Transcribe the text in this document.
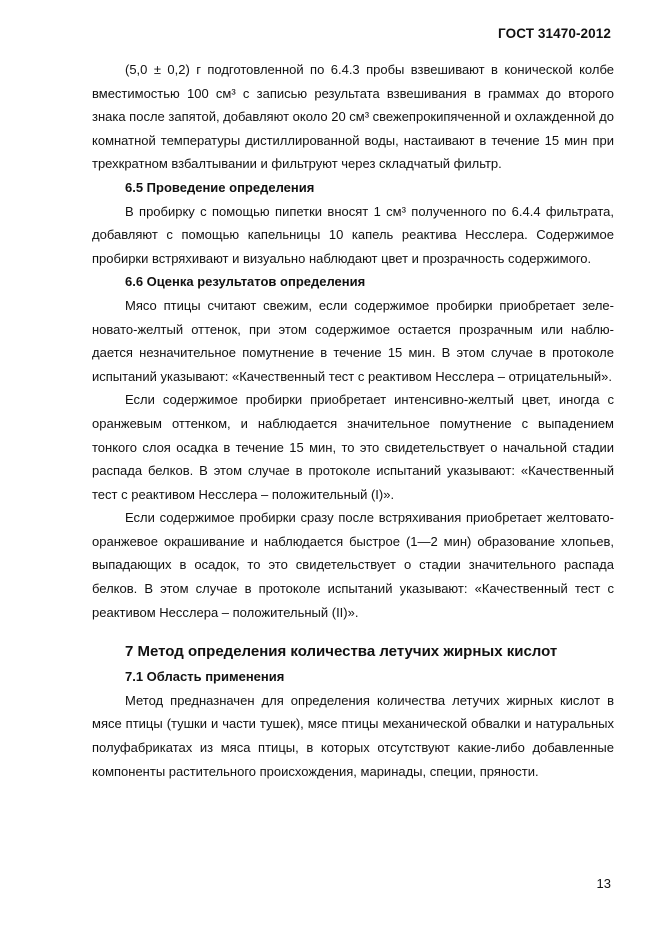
ГОСТ 31470-2012

(5,0 ± 0,2) г подготовленной по 6.4.3 пробы взвешивают в конической колбе вместимостью 100 см³ с записью результата взвешивания в граммах до второго знака после запятой, добавляют около 20 см³ свежепрокипяченной и охлажденной до комнатной температуры дистиллированной воды, настаивают в течение 15 мин при трехкратном взбалтывании и фильтруют через складчатый фильтр.

6.5 Проведение определения

В пробирку с помощью пипетки вносят 1 см³ полученного по 6.4.4 фильтрата, добавляют с помощью капельницы 10 капель реактива Несслера. Содержимое пробирки встряхивают и визуально наблюдают цвет и прозрачность содержимого.

6.6 Оценка результатов определения

Мясо птицы считают свежим, если содержимое пробирки приобретает зеленовато-желтый оттенок, при этом содержимое остается прозрачным или наблюдается незначительное помутнение в течение 15 мин. В этом случае в протоколе испытаний указывают: «Качественный тест с реактивом Несслера – отрицательный».

Если содержимое пробирки приобретает интенсивно-желтый цвет, иногда с оранжевым оттенком, и наблюдается значительное помутнение с выпадением тонкого слоя осадка в течение 15 мин, то это свидетельствует о начальной стадии распада белков. В этом случае в протоколе испытаний указывают: «Качественный тест с реактивом Несслера – положительный (I)».

Если содержимое пробирки сразу после встряхивания приобретает желтовато-оранжевое окрашивание и наблюдается быстрое (1—2 мин) образование хлопьев, выпадающих в осадок, то это свидетельствует о стадии значительного распада белков. В этом случае в протоколе испытаний указывают: «Качественный тест с реактивом Несслера – положительный (II)».

7 Метод определения количества летучих жирных кислот

7.1 Область применения

Метод предназначен для определения количества летучих жирных кислот в мясе птицы (тушки и части тушек), мясе птицы механической обвалки и натуральных полуфабрикатах из мяса птицы, в которых отсутствуют какие-либо добавленные компоненты растительного происхождения, маринады, специи, пряности.

13
